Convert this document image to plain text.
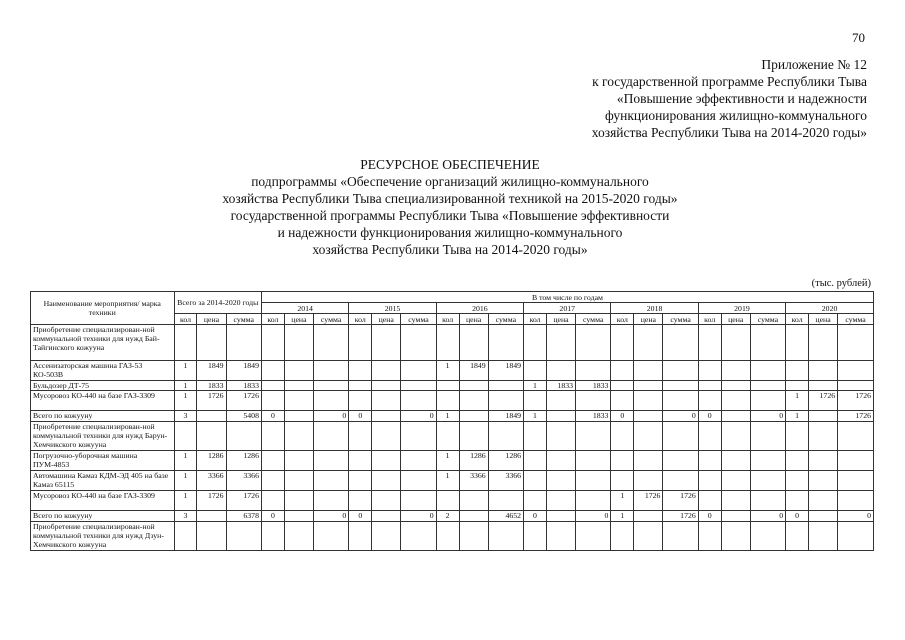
70
Приложение № 12
к государственной программе Республики Тыва
«Повышение эффективности и надежности
функционирования жилищно-коммунального
хозяйства Республики Тыва на 2014-2020 годы»
РЕСУРСНОЕ ОБЕСПЕЧЕНИЕ
подпрограммы «Обеспечение организаций жилищно-коммунального
хозяйства Республики Тыва специализированной техникой на 2015-2020 годы»
государственной программы Республики Тыва «Повышение эффективности
и надежности функционирования жилищно-коммунального
хозяйства Республики Тыва на 2014-2020 годы»
(тыс. рублей)
Наименование мероприятия/ марка техники	Всего за 2014-2020 годы			В том числе по годам																				
				2014			2015			2016			2017			2018			2019			2020		
	кол	цена	сумма	кол	цена	сумма	кол	цена	сумма	кол	цена	сумма	кол	цена	сумма	кол	цена	сумма	кол	цена	сумма	кол	цена	сумма
Приобретение специализирован-ной коммунальной техники для нужд Бай-Тайгинского кожууна																								
Ассенизаторская машина ГАЗ-53 КО-503В	1	1849	1849							1	1849	1849												
Бульдозер ДТ-75	1	1833	1833										1	1833	1833									
Мусоровоз КО-440 на базе ГАЗ-3309	1	1726	1726																			1	1726	1726
Всего по кожууну	3		5408	0		0	0		0	1		1849	1		1833	0		0	0		0	1		1726
Приобретение специализирован-ной коммунальной техники для нужд Барун-Хемчикского кожууна																								
Погрузочно-уборочная машина ПУМ-4853	1	1286	1286							1	1286	1286												
Автомашина Камаз КДМ-ЭД 405 на базе Камаз 65115	1	3366	3366							1	3366	3366												
Мусоровоз КО-440 на базе ГАЗ-3309	1	1726	1726													1	1726	1726						
Всего по кожууну	3		6378	0		0	0		0	2		4652	0		0	1		1726	0		0	0		0
Приобретение специализирован-ной коммунальной техники для нужд Дзун-Хемчикского кожууна																								
